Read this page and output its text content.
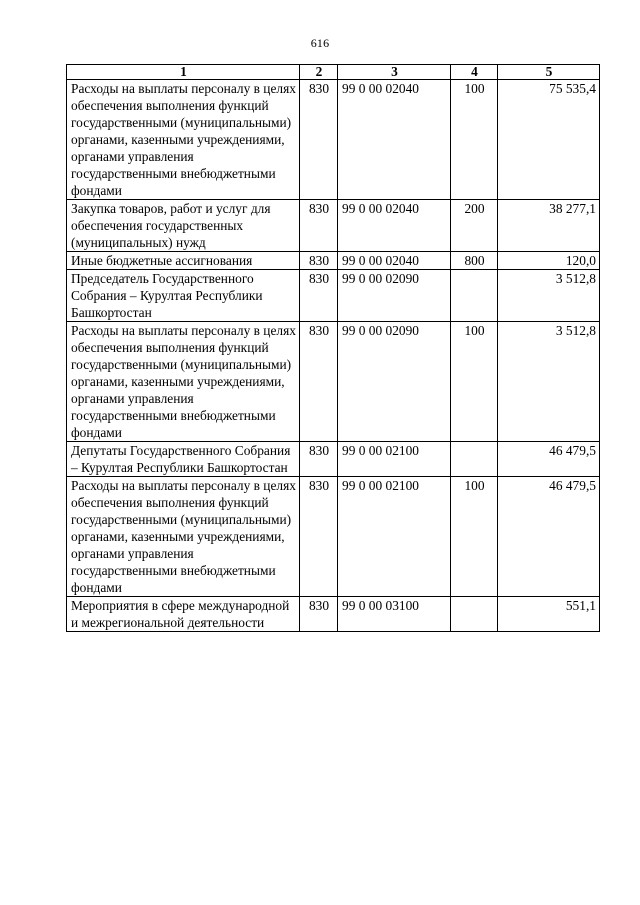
616
1	2	3	4	5
Расходы на выплаты персоналу в целях обеспечения выполнения функций государственными (муниципальными) органами, казенными учреждениями, органами управления государственными внебюджетными фондами	830	99 0 00 02040	100	75 535,4
Закупка товаров, работ и услуг для обеспечения государственных (муниципальных) нужд	830	99 0 00 02040	200	38 277,1
Иные бюджетные ассигнования	830	99 0 00 02040	800	120,0
Председатель Государственного Собрания – Курултая Республики Башкортостан	830	99 0 00 02090		3 512,8
Расходы на выплаты персоналу в целях обеспечения выполнения функций государственными (муниципальными) органами, казенными учреждениями, органами управления государственными внебюджетными фондами	830	99 0 00 02090	100	3 512,8
Депутаты Государственного Собрания – Курултая Республики Башкортостан	830	99 0 00 02100		46 479,5
Расходы на выплаты персоналу в целях обеспечения выполнения функций государственными (муниципальными) органами, казенными учреждениями, органами управления государственными внебюджетными фондами	830	99 0 00 02100	100	46 479,5
Мероприятия в сфере международной и межрегиональной деятельности	830	99 0 00 03100		551,1
